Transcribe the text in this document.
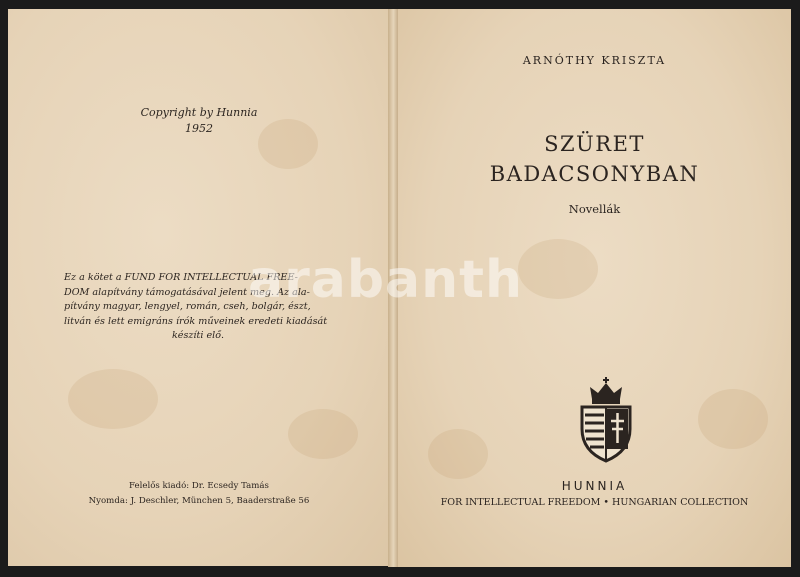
Copyright by Hunnia
1952
Ez a kötet a FUND FOR INTELLECTUAL FREE-
DOM alapítvány támogatásával jelent meg. Az ala-
pítvány magyar, lengyel, román, cseh, bolgár, észt,
litván és lett emigráns írók műveinek eredeti kiadását
készíti elő.
Felelős kiadó: Dr. Ecsedy Tamás
Nyomda: J. Deschler, München 5, Baaderstraße 56
ARNÓTHY KRISZTA
SZÜRET
BADACSONYBAN
Novellák
HUNNIA
FOR INTELLECTUAL FREEDOM • HUNGARIAN COLLECTION
arabanth
